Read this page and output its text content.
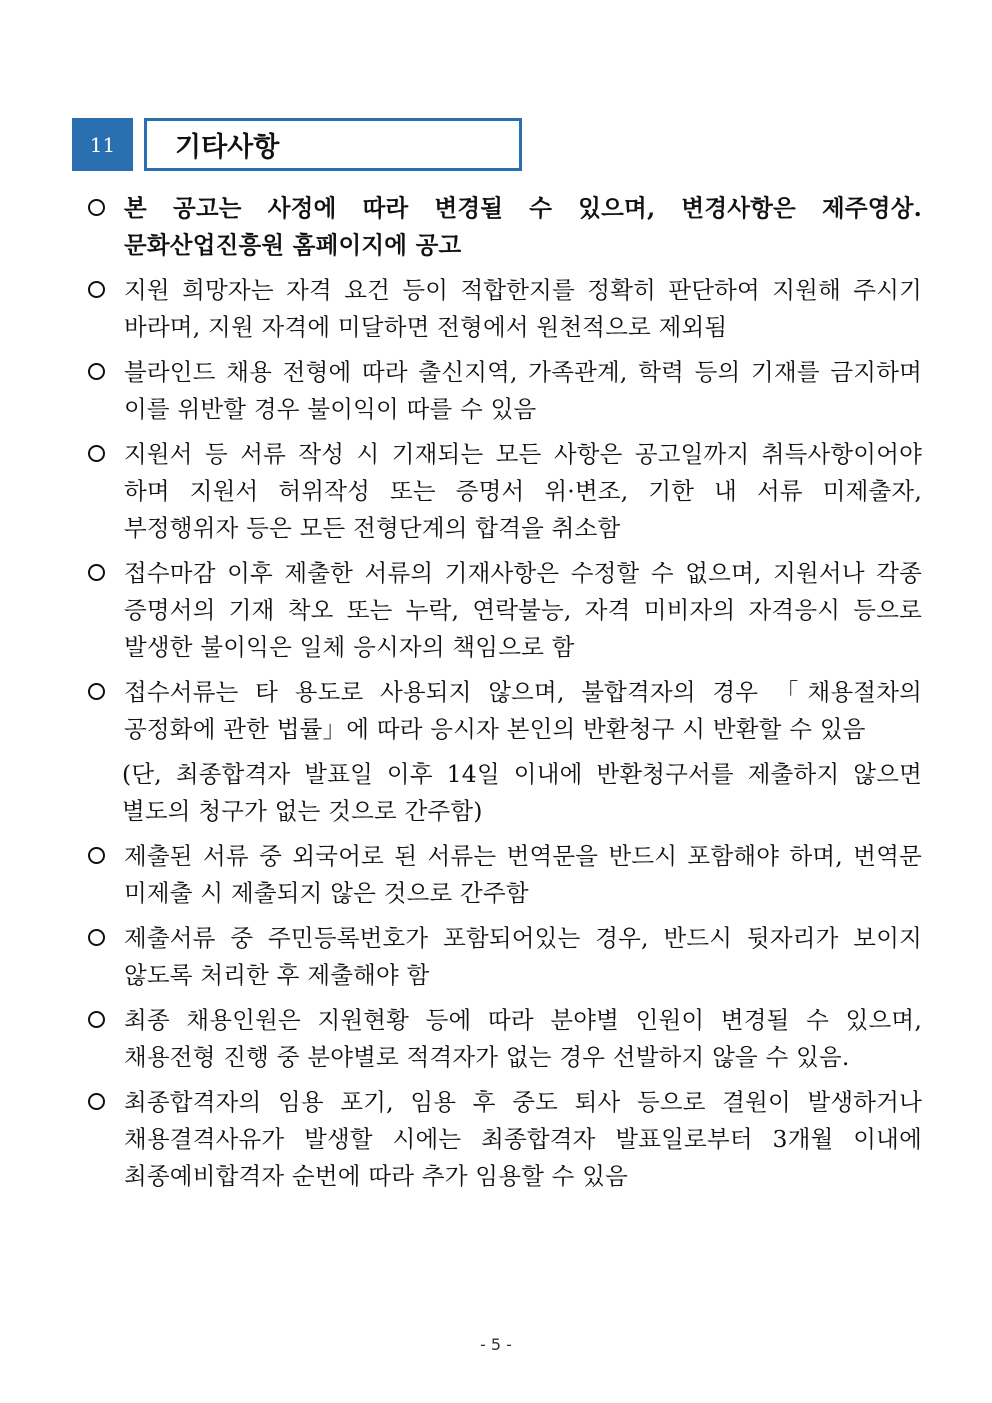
11	기타사항
본 공고는 사정에 따라 변경될 수 있으며, 변경사항은 제주영상.문화산업진흥원 홈페이지에 공고
지원 희망자는 자격 요건 등이 적합한지를 정확히 판단하여 지원해 주시기 바라며, 지원 자격에 미달하면 전형에서 원천적으로 제외됨
블라인드 채용 전형에 따라 출신지역, 가족관계, 학력 등의 기재를 금지하며 이를 위반할 경우 불이익이 따를 수 있음
지원서 등 서류 작성 시 기재되는 모든 사항은 공고일까지 취득사항이어야 하며 지원서 허위작성 또는 증명서 위·변조, 기한 내 서류 미제출자, 부정행위자 등은 모든 전형단계의 합격을 취소함
접수마감 이후 제출한 서류의 기재사항은 수정할 수 없으며, 지원서나 각종 증명서의 기재 착오 또는 누락, 연락불능, 자격 미비자의 자격응시 등으로 발생한 불이익은 일체 응시자의 책임으로 함
접수서류는 타 용도로 사용되지 않으며, 불합격자의 경우 「채용절차의 공정화에 관한 법률」에 따라 응시자 본인의 반환청구 시 반환할 수 있음
(단, 최종합격자 발표일 이후 14일 이내에 반환청구서를 제출하지 않으면 별도의 청구가 없는 것으로 간주함)
제출된 서류 중 외국어로 된 서류는 번역문을 반드시 포함해야 하며, 번역문 미제출 시 제출되지 않은 것으로 간주함
제출서류 중 주민등록번호가 포함되어있는 경우, 반드시 뒷자리가 보이지 않도록 처리한 후 제출해야 함
최종 채용인원은 지원현황 등에 따라 분야별 인원이 변경될 수 있으며, 채용전형 진행 중 분야별로 적격자가 없는 경우 선발하지 않을 수 있음.
최종합격자의 임용 포기, 임용 후 중도 퇴사 등으로 결원이 발생하거나 채용결격사유가 발생할 시에는 최종합격자 발표일로부터 3개월 이내에 최종예비합격자 순번에 따라 추가 임용할 수 있음
- 5 -
